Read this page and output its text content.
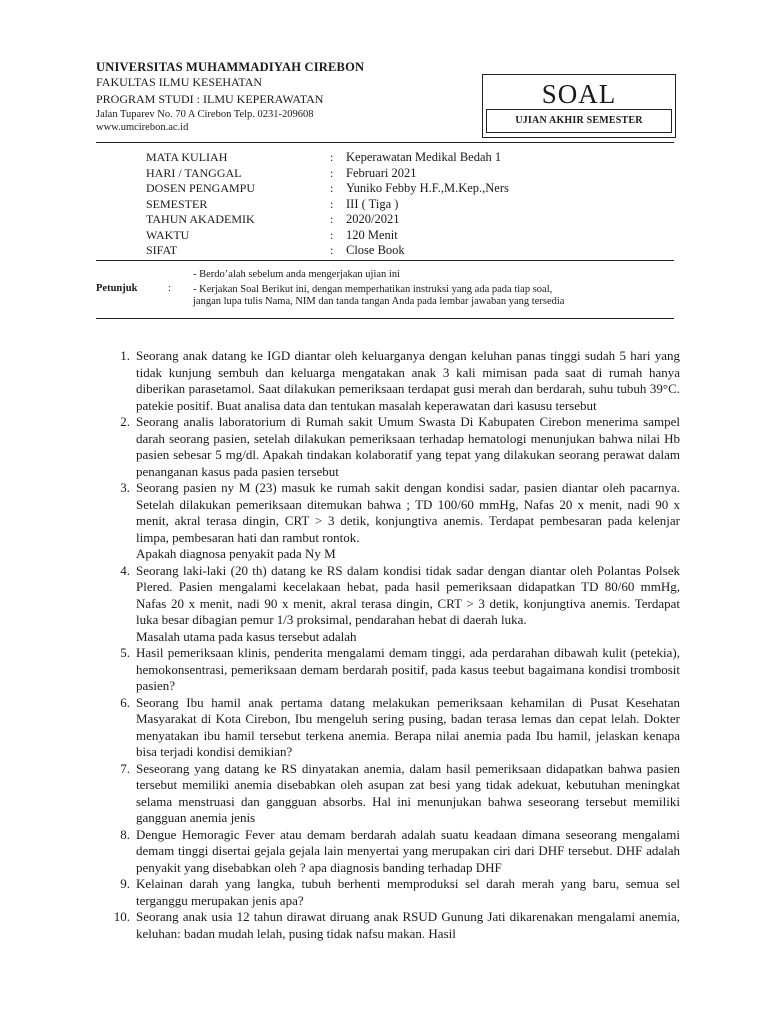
UNIVERSITAS MUHAMMADIYAH CIREBON
FAKULTAS ILMU KESEHATAN
PROGRAM STUDI : ILMU KEPERAWATAN
Jalan Tuparev No. 70 A Cirebon Telp. 0231-209608
www.umcirebon.ac.id
SOAL
UJIAN AKHIR SEMESTER
MATA KULIAH	: Keperawatan Medikal Bedah 1
HARI / TANGGAL	: Februari 2021
DOSEN PENGAMPU	: Yuniko Febby H.F.,M.Kep.,Ners
SEMESTER	: III ( Tiga )
TAHUN AKADEMIK	: 2020/2021
WAKTU	: 120 Menit
SIFAT	: Close Book
Petunjuk	:
- Berdo’alah sebelum anda mengerjakan ujian ini
- Kerjakan Soal Berikut ini, dengan memperhatikan instruksi yang ada pada tiap soal,
jangan lupa tulis Nama, NIM dan tanda tangan Anda pada lembar jawaban yang tersedia
1. Seorang anak datang ke IGD diantar oleh keluarganya dengan keluhan panas tinggi sudah 5 hari yang tidak kunjung sembuh dan keluarga mengatakan anak 3 kali mimisan pada saat di rumah hanya diberikan parasetamol. Saat dilakukan pemeriksaan terdapat gusi merah dan berdarah, suhu tubuh 39°C. patekie positif. Buat analisa data dan tentukan masalah keperawatan dari kasusu tersebut
2. Seorang analis laboratorium di Rumah sakit Umum Swasta Di Kabupaten Cirebon menerima sampel darah seorang pasien, setelah dilakukan pemeriksaan terhadap hematologi menunjukan bahwa nilai Hb pasien sebesar 5 mg/dl. Apakah tindakan kolaboratif yang tepat yang dilakukan seorang perawat dalam penanganan kasus pada pasien tersebut
3. Seorang pasien ny M (23) masuk ke rumah sakit dengan kondisi sadar, pasien diantar oleh pacarnya. Setelah dilakukan pemeriksaan ditemukan bahwa ; TD 100/60 mmHg, Nafas 20 x menit, nadi 90 x menit, akral terasa dingin, CRT > 3 detik, konjungtiva anemis. Terdapat pembesaran pada kelenjar limpa, pembesaran hati dan rambut rontok.
Apakah diagnosa penyakit pada Ny M
4. Seorang laki-laki (20 th) datang ke RS dalam kondisi tidak sadar dengan diantar oleh Polantas Polsek Plered. Pasien mengalami kecelakaan hebat, pada hasil pemeriksaan didapatkan TD 80/60 mmHg, Nafas 20 x menit, nadi 90 x menit, akral terasa dingin, CRT > 3 detik, konjungtiva anemis. Terdapat luka besar dibagian pemur 1/3 proksimal, pendarahan hebat di daerah luka.
Masalah utama pada kasus tersebut adalah
5. Hasil pemeriksaan klinis, penderita mengalami demam tinggi, ada perdarahan dibawah kulit (petekia), hemokonsentrasi, pemeriksaan demam berdarah positif, pada kasus teebut bagaimana kondisi trombosit pasien?
6. Seorang Ibu hamil anak pertama datang melakukan pemeriksaan kehamilan di Pusat Kesehatan Masyarakat di Kota Cirebon, Ibu mengeluh sering pusing, badan terasa lemas dan cepat lelah. Dokter menyatakan ibu hamil tersebut terkena anemia. Berapa nilai anemia pada Ibu hamil, jelaskan kenapa bisa terjadi kondisi demikian?
7. Seseorang yang datang ke RS dinyatakan anemia, dalam hasil pemeriksaan didapatkan bahwa pasien tersebut memiliki anemia disebabkan oleh asupan zat besi yang tidak adekuat, kebutuhan meningkat selama menstruasi dan gangguan absorbs. Hal ini menunjukan bahwa seseorang tersebut memiliki gangguan anemia jenis
8. Dengue Hemoragic Fever atau demam berdarah adalah suatu keadaan dimana seseorang mengalami demam tinggi disertai gejala gejala lain menyertai yang merupakan ciri dari DHF tersebut. DHF adalah penyakit yang disebabkan oleh ? apa diagnosis banding terhadap DHF
9. Kelainan darah yang langka, tubuh berhenti memproduksi sel darah merah yang baru, semua sel terganggu merupakan jenis apa?
10. Seorang anak usia 12 tahun dirawat diruang anak RSUD Gunung Jati dikarenakan mengalami anemia, keluhan: badan mudah lelah, pusing tidak nafsu makan. Hasil
